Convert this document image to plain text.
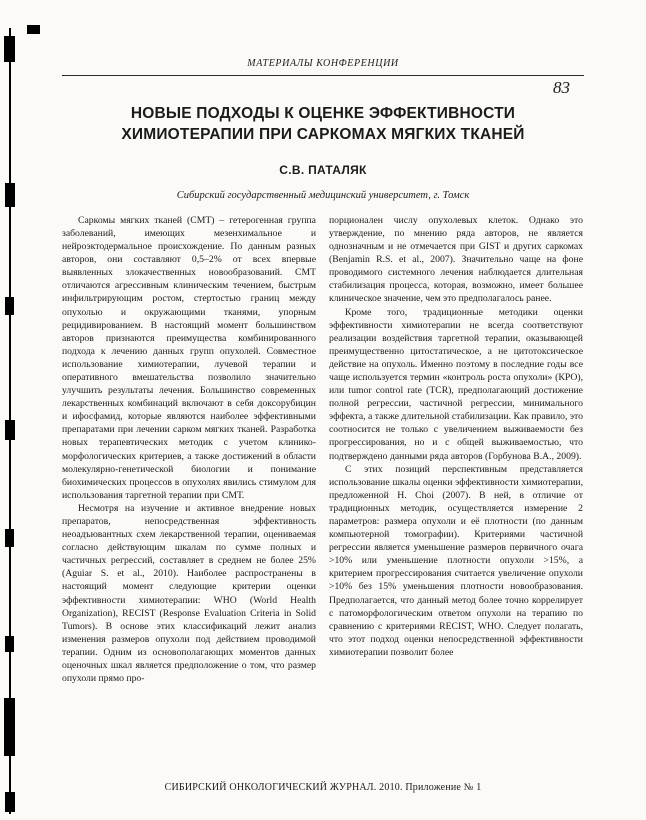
МАТЕРИАЛЫ КОНФЕРЕНЦИИ
83
НОВЫЕ ПОДХОДЫ К ОЦЕНКЕ ЭФФЕКТИВНОСТИ ХИМИОТЕРАПИИ ПРИ САРКОМАХ МЯГКИХ ТКАНЕЙ
С.В. ПАТАЛЯК
Сибирский государственный медицинский университет, г. Томск

Саркомы мягких тканей (СМТ) – гетерогенная группа заболеваний, имеющих мезенхимальное и нейроэктодермальное происхождение. По данным разных авторов, они составляют 0,5–2% от всех впервые выявленных злокачественных новообразований. СМТ отличаются агрессивным клиническим течением, быстрым инфильтрирующим ростом, стертостью границ между опухолью и окружающими тканями, упорным рецидивированием. В настоящий момент большинством авторов признаются преимущества комбинированного подхода к лечению данных групп опухолей. Совместное использование химиотерапии, лучевой терапии и оперативного вмешательства позволило значительно улучшить результаты лечения. Большинство современных лекарственных комбинаций включают в себя доксорубицин и ифосфамид, которые являются наиболее эффективными препаратами при лечении сарком мягких тканей. Разработка новых терапевтических методик с учетом клинико-морфологических критериев, а также достижений в области молекулярно-генетической биологии и понимание биохимических процессов в опухолях явились стимулом для использования таргетной терапии при СМТ.

Несмотря на изучение и активное внедрение новых препаратов, непосредственная эффективность неоадъювантных схем лекарственной терапии, оцениваемая согласно действующим шкалам по сумме полных и частичных регрессий, составляет в среднем не более 25% (Aguiar S. et al., 2010). Наиболее распространены в настоящий момент следующие критерии оценки эффективности химиотерапии: WHO (World Health Organization), RECIST (Response Evaluation Criteria in Solid Tumors). В основе этих классификаций лежит анализ изменения размеров опухоли под действием проводимой терапии. Одним из основополагающих моментов данных оценочных шкал является предположение о том, что размер опухоли прямо про-

порционален числу опухолевых клеток. Однако это утверждение, по мнению ряда авторов, не является однозначным и не отмечается при GIST и других саркомах (Benjamin R.S. et al., 2007). Значительно чаще на фоне проводимого системного лечения наблюдается длительная стабилизация процесса, которая, возможно, имеет большее клиническое значение, чем это предполагалось ранее.

Кроме того, традиционные методики оценки эффективности химиотерапии не всегда соответствуют реализации воздействия таргетной терапии, оказывающей преимущественно цитостатическое, а не цитотоксическое действие на опухоль. Именно поэтому в последние годы все чаще используется термин «контроль роста опухоли» (КРО), или tumor control rate (TCR), предполагающий достижение полной регрессии, частичной регрессии, минимального эффекта, а также длительной стабилизации. Как правило, это соотносится не только с увеличением выживаемости без прогрессирования, но и с общей выживаемостью, что подтверждено данными ряда авторов (Горбунова В.А., 2009).

С этих позиций перспективным представляется использование шкалы оценки эффективности химиотерапии, предложенной H. Choi (2007). В ней, в отличие от традиционных методик, осуществляется измерение 2 параметров: размера опухоли и её плотности (по данным компьютерной томографии). Критериями частичной регрессии является уменьшение размеров первичного очага >10% или уменьшение плотности опухоли >15%, а критерием прогрессирования считается увеличение опухоли >10% без 15% уменьшения плотности новообразования. Предполагается, что данный метод более точно коррелирует с патоморфологическим ответом опухоли на терапию по сравнению с критериями RECIST, WHO. Следует полагать, что этот подход оценки непосредственной эффективности химиотерапии позволит более

СИБИРСКИЙ ОНКОЛОГИЧЕСКИЙ ЖУРНАЛ. 2010. Приложение № 1
